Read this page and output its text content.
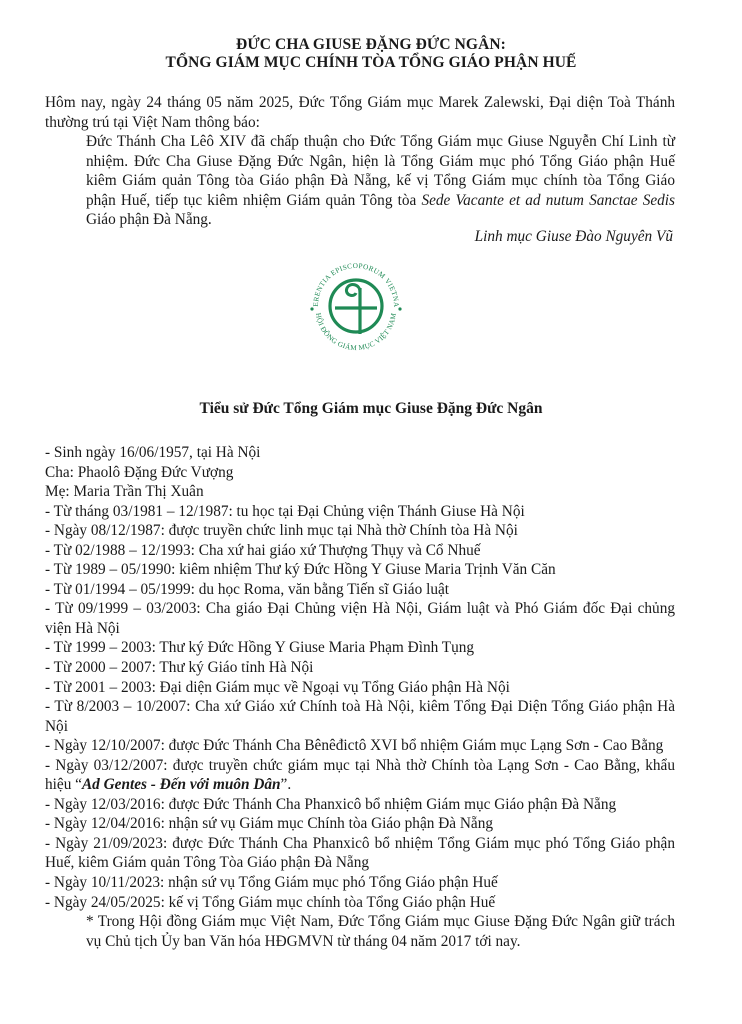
ĐỨC CHA GIUSE ĐẶNG ĐỨC NGÂN:
TỔNG GIÁM MỤC CHÍNH TÒA TỔNG GIÁO PHẬN HUẾ
Hôm nay, ngày 24 tháng 05 năm 2025, Đức Tổng Giám mục Marek Zalewski, Đại diện Toà Thánh thường trú tại Việt Nam thông báo:
Đức Thánh Cha Lêô XIV đã chấp thuận cho Đức Tổng Giám mục Giuse Nguyễn Chí Linh từ nhiệm. Đức Cha Giuse Đặng Đức Ngân, hiện là Tổng Giám mục phó Tổng Giáo phận Huế kiêm Giám quản Tông tòa Giáo phận Đà Nẵng, kế vị Tổng Giám mục chính tòa Tổng Giáo phận Huế, tiếp tục kiêm nhiệm Giám quản Tông tòa Sede Vacante et ad nutum Sanctae Sedis Giáo phận Đà Nẵng.
Linh mục Giuse Đào Nguyên Vũ
ERENTIA EPISCOPORUM VIETNA
HỘI ĐỒNG GIÁM MỤC VIỆT NAM
Tiểu sử Đức Tổng Giám mục Giuse Đặng Đức Ngân
- Sinh ngày 16/06/1957, tại Hà Nội
Cha: Phaolô Đặng Đức Vượng
Mẹ: Maria Trần Thị Xuân
- Từ tháng 03/1981 – 12/1987: tu học tại Đại Chủng viện Thánh Giuse Hà Nội
- Ngày 08/12/1987: được truyền chức linh mục tại Nhà thờ Chính tòa Hà Nội
- Từ 02/1988 – 12/1993: Cha xứ hai giáo xứ Thượng Thụy và Cổ Nhuế
- Từ 1989 – 05/1990: kiêm nhiệm Thư ký Đức Hồng Y Giuse Maria Trịnh Văn Căn
- Từ 01/1994 – 05/1999: du học Roma, văn bằng Tiến sĩ Giáo luật
- Từ 09/1999 – 03/2003: Cha giáo Đại Chủng viện Hà Nội, Giám luật và Phó Giám đốc Đại chủng viện Hà Nội
- Từ 1999 – 2003: Thư ký Đức Hồng Y Giuse Maria Phạm Đình Tụng
- Từ 2000 – 2007: Thư ký Giáo tỉnh Hà Nội
- Từ 2001 – 2003: Đại diện Giám mục về Ngoại vụ Tổng Giáo phận Hà Nội
- Từ 8/2003 – 10/2007: Cha xứ Giáo xứ Chính toà Hà Nội, kiêm Tổng Đại Diện Tổng Giáo phận Hà Nội
- Ngày 12/10/2007: được Đức Thánh Cha Bênêđictô XVI bổ nhiệm Giám mục Lạng Sơn - Cao Bằng
- Ngày 03/12/2007: được truyền chức giám mục tại Nhà thờ Chính tòa Lạng Sơn - Cao Bằng, khẩu hiệu “Ad Gentes - Đến với muôn Dân”.
- Ngày 12/03/2016: được Đức Thánh Cha Phanxicô bổ nhiệm Giám mục Giáo phận Đà Nẵng
- Ngày 12/04/2016: nhận sứ vụ Giám mục Chính tòa Giáo phận Đà Nẵng
- Ngày 21/09/2023: được Đức Thánh Cha Phanxicô bổ nhiệm Tổng Giám mục phó Tổng Giáo phận Huế, kiêm Giám quản Tông Tòa Giáo phận Đà Nẵng
- Ngày 10/11/2023: nhận sứ vụ Tổng Giám mục phó Tổng Giáo phận Huế
- Ngày 24/05/2025: kế vị Tổng Giám mục chính tòa Tổng Giáo phận Huế
* Trong Hội đồng Giám mục Việt Nam, Đức Tổng Giám mục Giuse Đặng Đức Ngân giữ trách vụ Chủ tịch Ủy ban Văn hóa HĐGMVN từ tháng 04 năm 2017 tới nay.
